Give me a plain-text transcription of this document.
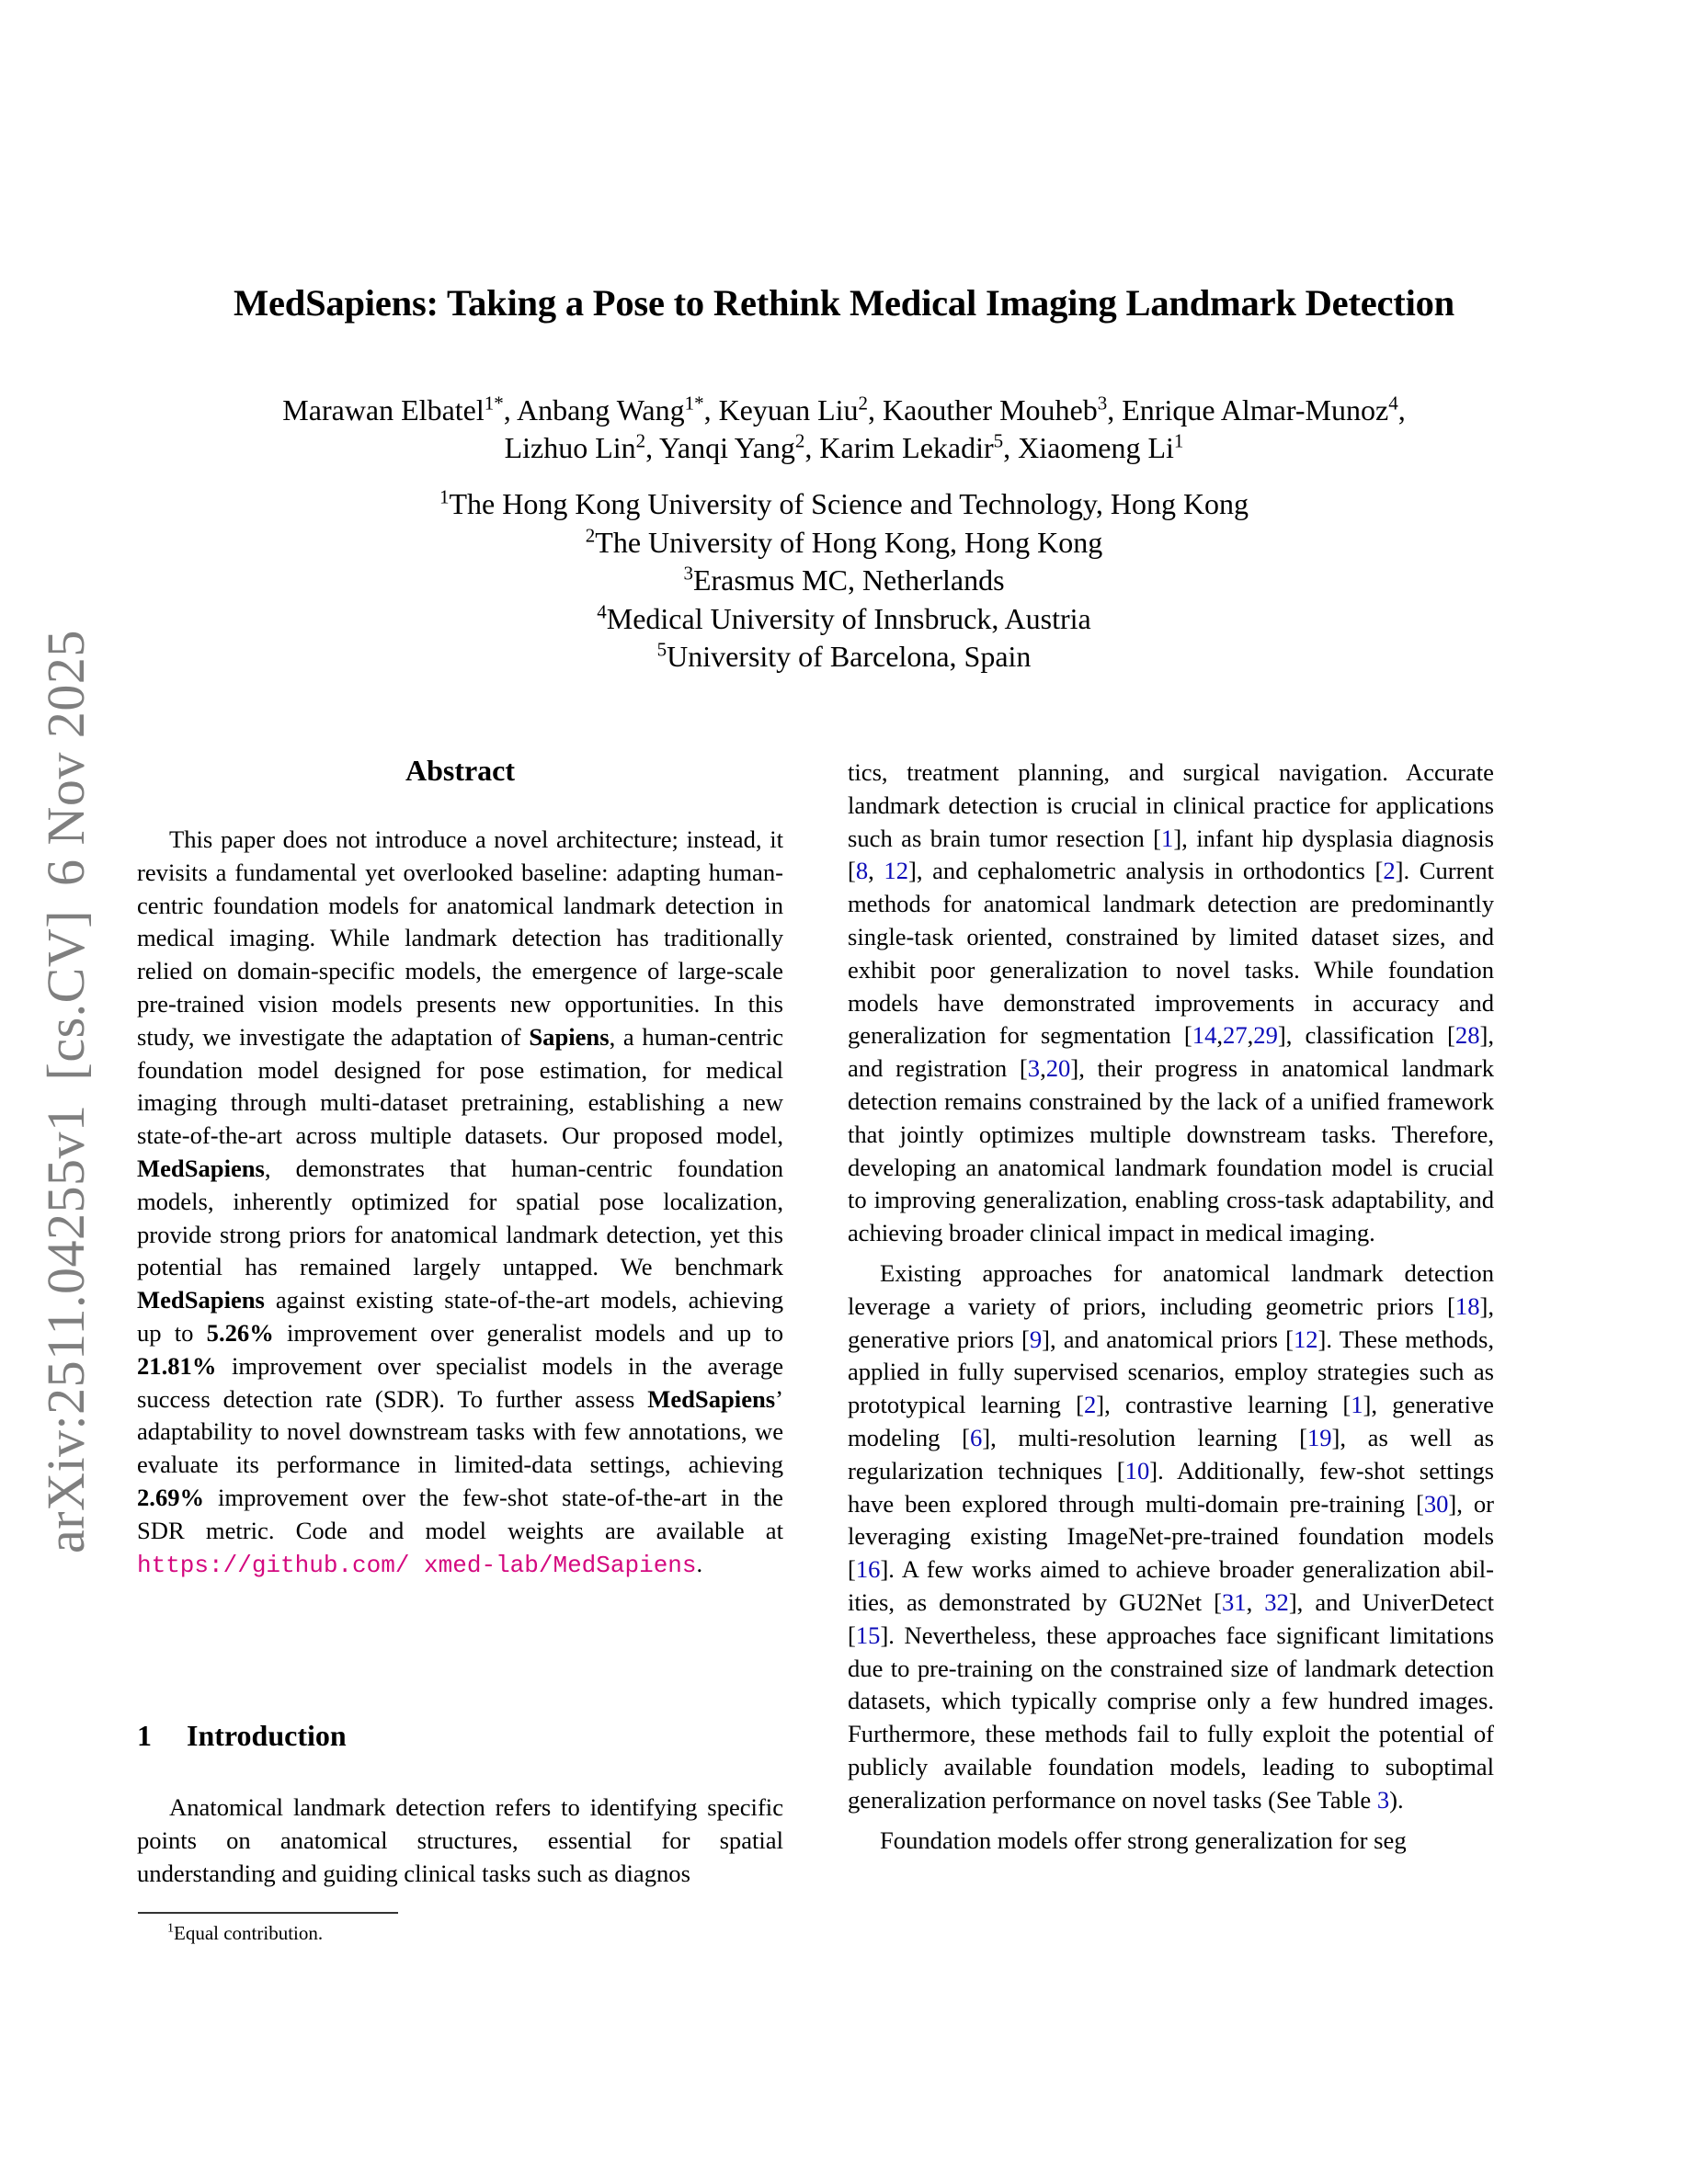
arXiv:2511.04255v1[cs.CV]6 Nov 2025
MedSapiens: Taking a Pose to Rethink Medical Imaging Landmark Detection
Marawan Elbatel$^{1*}$, Anbang Wang$^{1*}$, Keyuan Liu$^2$, Kaouther Mouheb$^3$, Enrique Almar-Munoz$^4$,
Lizhuo Lin$^2$, Yanqi Yang$^2$, Karim Lekadir$^5$, Xiaomeng Li$^1$
$^1$The Hong Kong University of Science and Technology, Hong Kong
$^2$The University of Hong Kong, Hong Kong
$^3$Erasmus MC, Netherlands
$^4$Medical University of Innsbruck, Austria
$^5$University of Barcelona, Spain
Abstract

This paper does not introduce a novel architecture; instead, it revisits a fundamental yet overlooked baseline: adapting human-centric foundation models for anatomical landmark detection in medical imaging. While landmark detection has traditionally relied on domain-specific models, the emergence of large-scale pre-trained vision models presents new opportunities. In this study, we investigate the adaptation of Sapiens, a human-centric foundation model designed for pose estimation, for medical imaging through multi-dataset pretraining, establishing a new state-of-the-art across multiple datasets. Our proposed model, MedSapiens, demonstrates that human-centric foundation models, inherently optimized for spatial pose localization, provide strong priors for anatomical landmark detection, yet this potential has remained largely untapped. We benchmark MedSapiens against existing state-of-the-art models, achieving up to 5.26% improvement over generalist models and up to 21.81% improvement over specialist models in the average success detection rate (SDR). To further assess MedSapiens’ adaptability to novel downstream tasks with few annotations, we evaluate its performance in limited-data settings, achieving 2.69% improvement over the few-shot state-of-the-art in the SDR metric. Code and model weights are available at https://github.com/ xmed-lab/MedSapiens.

1 Introduction

Anatomical landmark detection refers to identifying specific points on anatomical structures, essential for spatial understanding and guiding clinical tasks such as diagnos

$^1$Equal contribution.

tics, treatment planning, and surgical navigation. Accurate landmark detection is crucial in clinical practice for applications such as brain tumor resection [1], infant hip dysplasia diagnosis [8, 12], and cephalometric analysis in orthodontics [2]. Current methods for anatomical landmark detection are predominantly single-task oriented, constrained by limited dataset sizes, and exhibit poor generalization to novel tasks. While foundation models have demonstrated improvements in accuracy and generalization for segmentation [14,27,29], classification [28], and registration [3,20], their progress in anatomical landmark detection remains constrained by the lack of a unified framework that jointly optimizes multiple downstream tasks. Therefore, developing an anatomical landmark foundation model is crucial to improving generalization, enabling cross-task adaptability, and achieving broader clinical impact in medical imaging.

Existing approaches for anatomical landmark detection leverage a variety of priors, including geometric priors [18], generative priors [9], and anatomical priors [12]. These methods, applied in fully supervised scenarios, employ strategies such as prototypical learning [2], contrastive learning [1], generative modeling [6], multi-resolution learning [19], as well as regularization techniques [10]. Additionally, few-shot settings have been explored through multi-domain pre-training [30], or leveraging existing ImageNet-pre-trained foundation models [16]. A few works aimed to achieve broader generalization abilities, as demonstrated by GU2Net [31, 32], and UniverDetect [15]. Nevertheless, these approaches face significant limitations due to pre-training on the constrained size of landmark detection datasets, which typically comprise only a few hundred images. Furthermore, these methods fail to fully exploit the potential of publicly available foundation models, leading to suboptimal generalization performance on novel tasks (See Table 3).

Foundation models offer strong generalization for seg
